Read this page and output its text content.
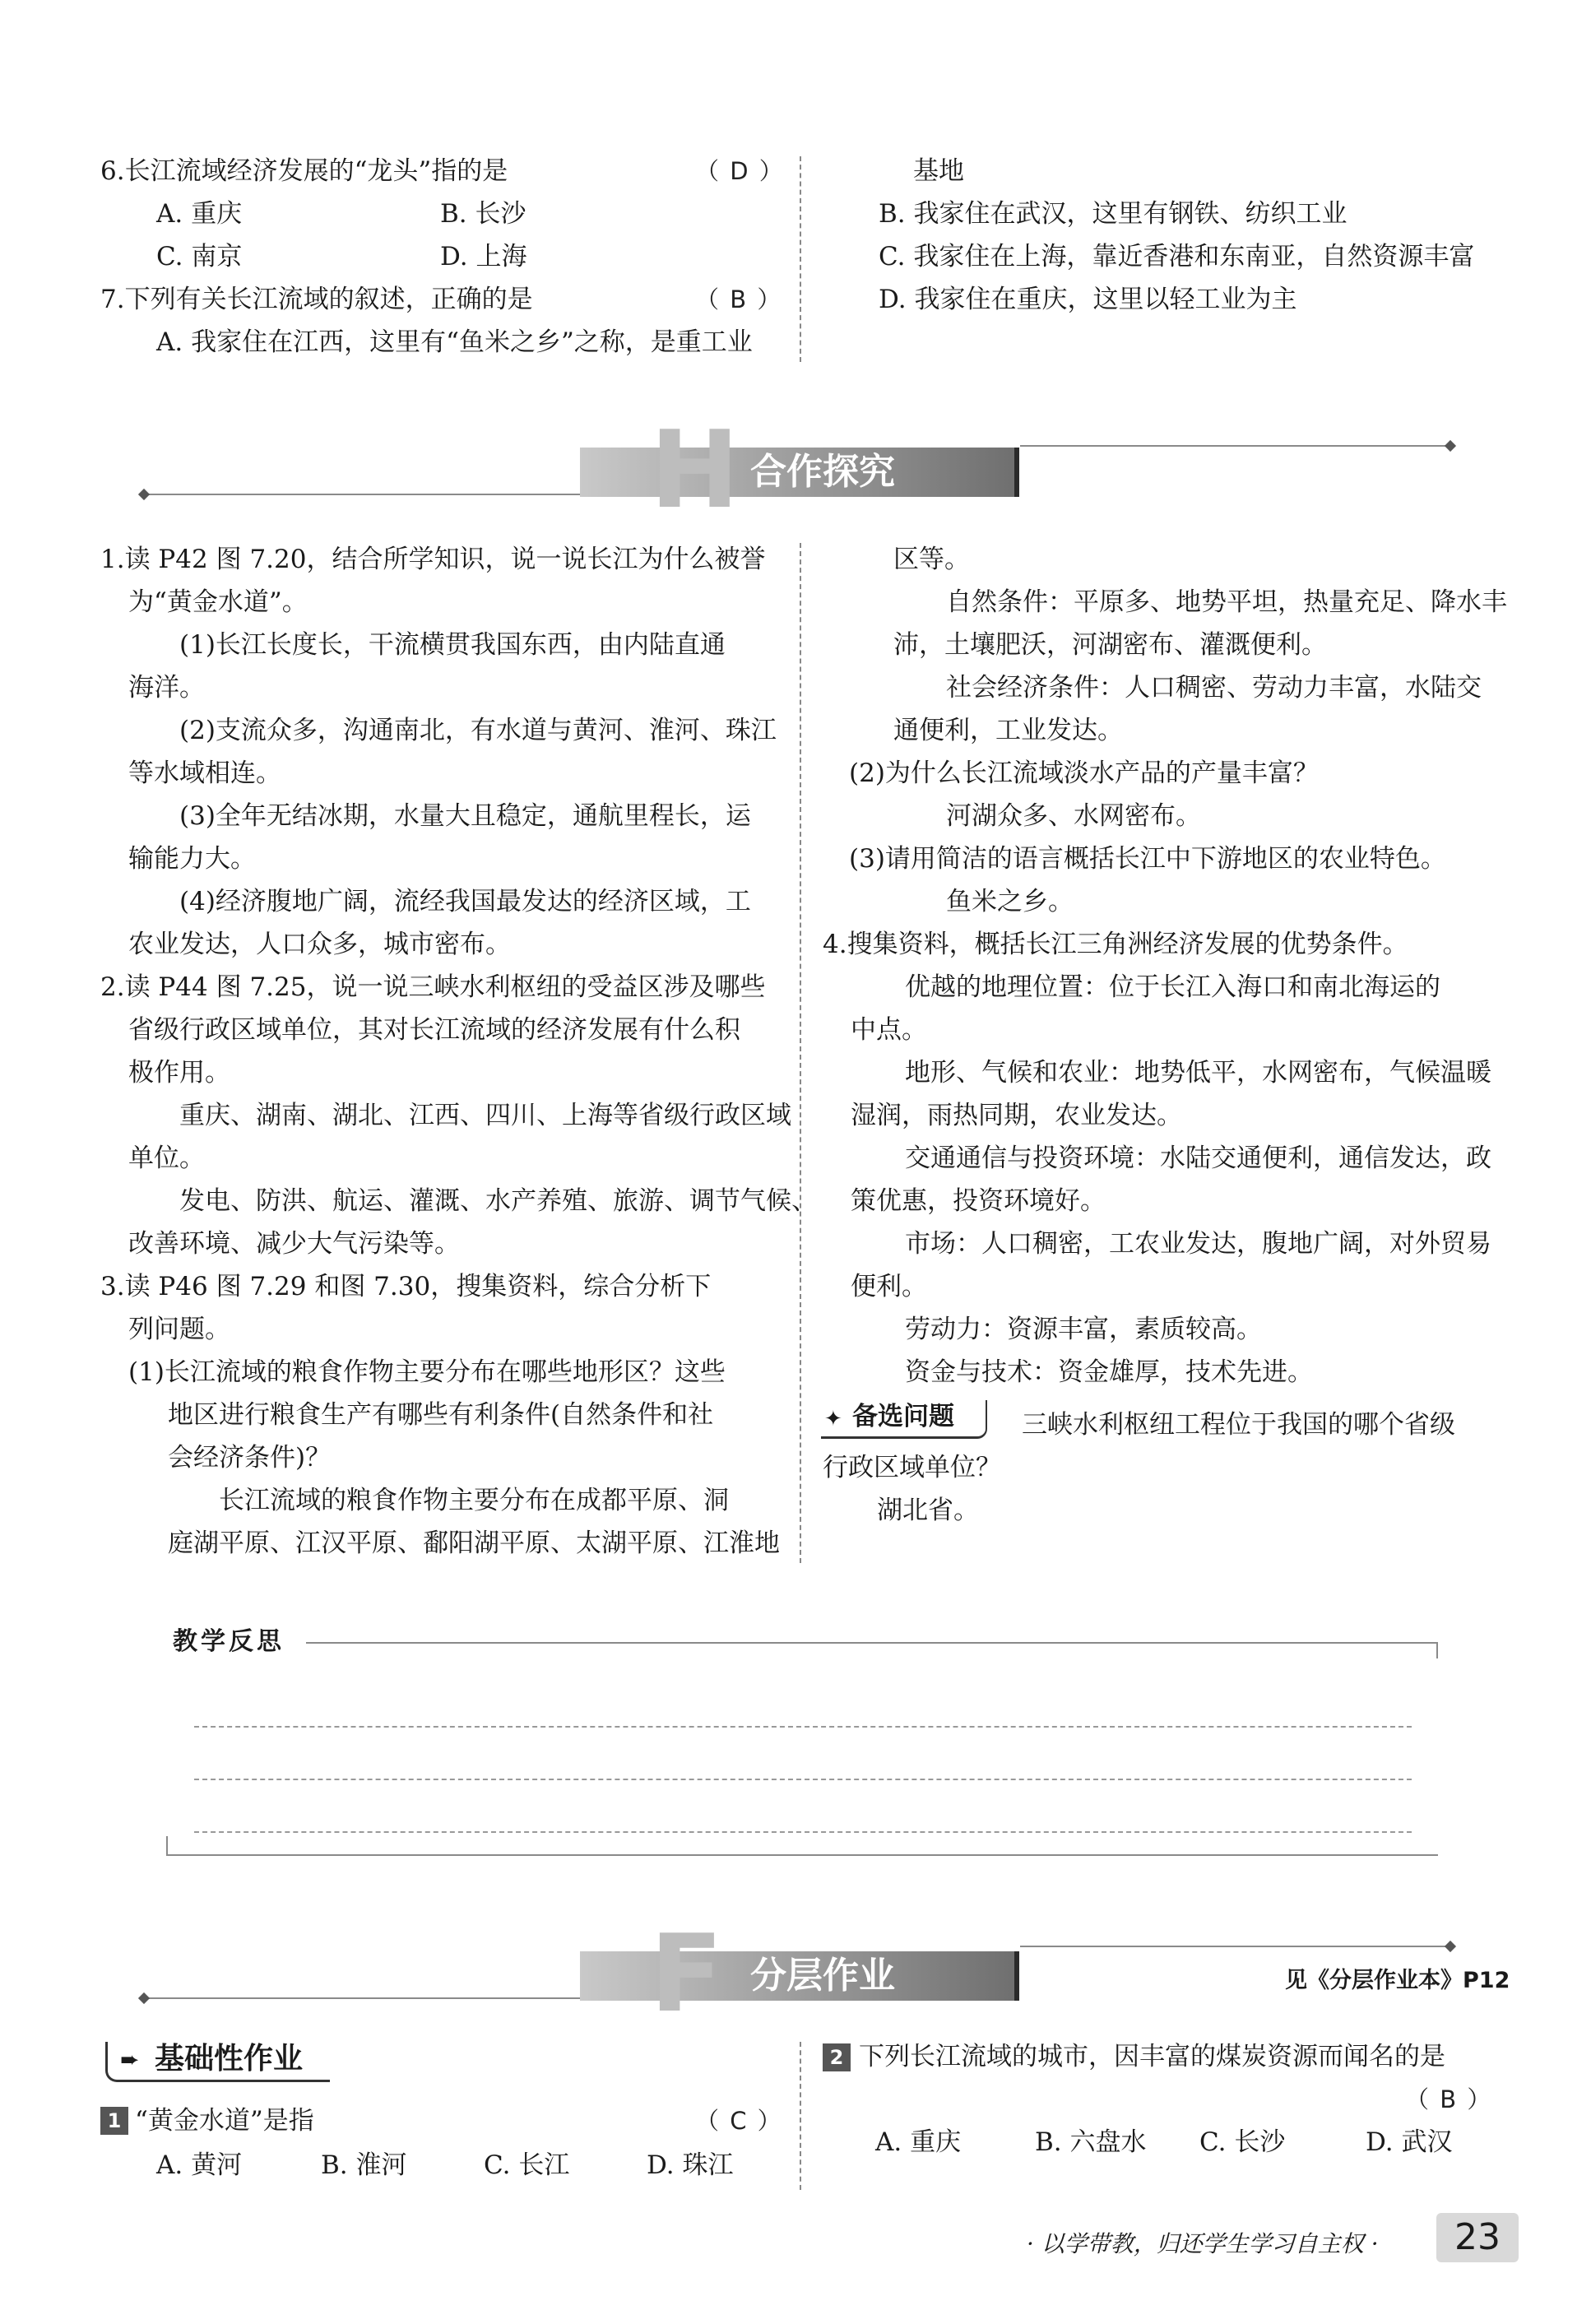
6.长江流域经济发展的“龙头”指的是	（ D ）
A. 重庆	B. 长沙
C. 南京	D. 上海
7.下列有关长江流域的叙述，正确的是	（ B ）
A. 我家住在江西，这里有“鱼米之乡”之称，是重工业
基地
B. 我家住在武汉，这里有钢铁、纺织工业
C. 我家住在上海，靠近香港和东南亚，自然资源丰富
D. 我家住在重庆，这里以轻工业为主
H 合作探究
1.读 P42 图 7.20，结合所学知识，说一说长江为什么被誉
为“黄金水道”。
(1)长江长度长，干流横贯我国东西，由内陆直通
海洋。
(2)支流众多，沟通南北，有水道与黄河、淮河、珠江
等水域相连。
(3)全年无结冰期，水量大且稳定，通航里程长，运
输能力大。
(4)经济腹地广阔，流经我国最发达的经济区域，工
农业发达，人口众多，城市密布。
2.读 P44 图 7.25，说一说三峡水利枢纽的受益区涉及哪些
省级行政区域单位，其对长江流域的经济发展有什么积
极作用。
重庆、湖南、湖北、江西、四川、上海等省级行政区域
单位。
发电、防洪、航运、灌溉、水产养殖、旅游、调节气候、
改善环境、减少大气污染等。
3.读 P46 图 7.29 和图 7.30，搜集资料，综合分析下
列问题。
(1)长江流域的粮食作物主要分布在哪些地形区？这些
地区进行粮食生产有哪些有利条件(自然条件和社
会经济条件)？
长江流域的粮食作物主要分布在成都平原、洞
庭湖平原、江汉平原、鄱阳湖平原、太湖平原、江淮地
区等。
自然条件：平原多、地势平坦，热量充足、降水丰
沛，土壤肥沃，河湖密布、灌溉便利。
社会经济条件：人口稠密、劳动力丰富，水陆交
通便利，工业发达。
(2)为什么长江流域淡水产品的产量丰富？
河湖众多、水网密布。
(3)请用简洁的语言概括长江中下游地区的农业特色。
鱼米之乡。
4.搜集资料，概括长江三角洲经济发展的优势条件。
优越的地理位置：位于长江入海口和南北海运的
中点。
地形、气候和农业：地势低平，水网密布，气候温暖
湿润，雨热同期，农业发达。
交通通信与投资环境：水陆交通便利，通信发达，政
策优惠，投资环境好。
市场：人口稠密，工农业发达，腹地广阔，对外贸易
便利。
劳动力：资源丰富，素质较高。
资金与技术：资金雄厚，技术先进。
✦ 备选问题	三峡水利枢纽工程位于我国的哪个省级
行政区域单位？
湖北省。
教学反思
F 分层作业	见《分层作业本》P12
➨ 基础性作业
1 “黄金水道”是指	（ C ）
A. 黄河	B. 淮河	C. 长江	D. 珠江
2 下列长江流域的城市，因丰富的煤炭资源而闻名的是
（ B ）
A. 重庆	B. 六盘水 C. 长沙	D. 武汉
· 以学带教，归还学生学习自主权 · 23
